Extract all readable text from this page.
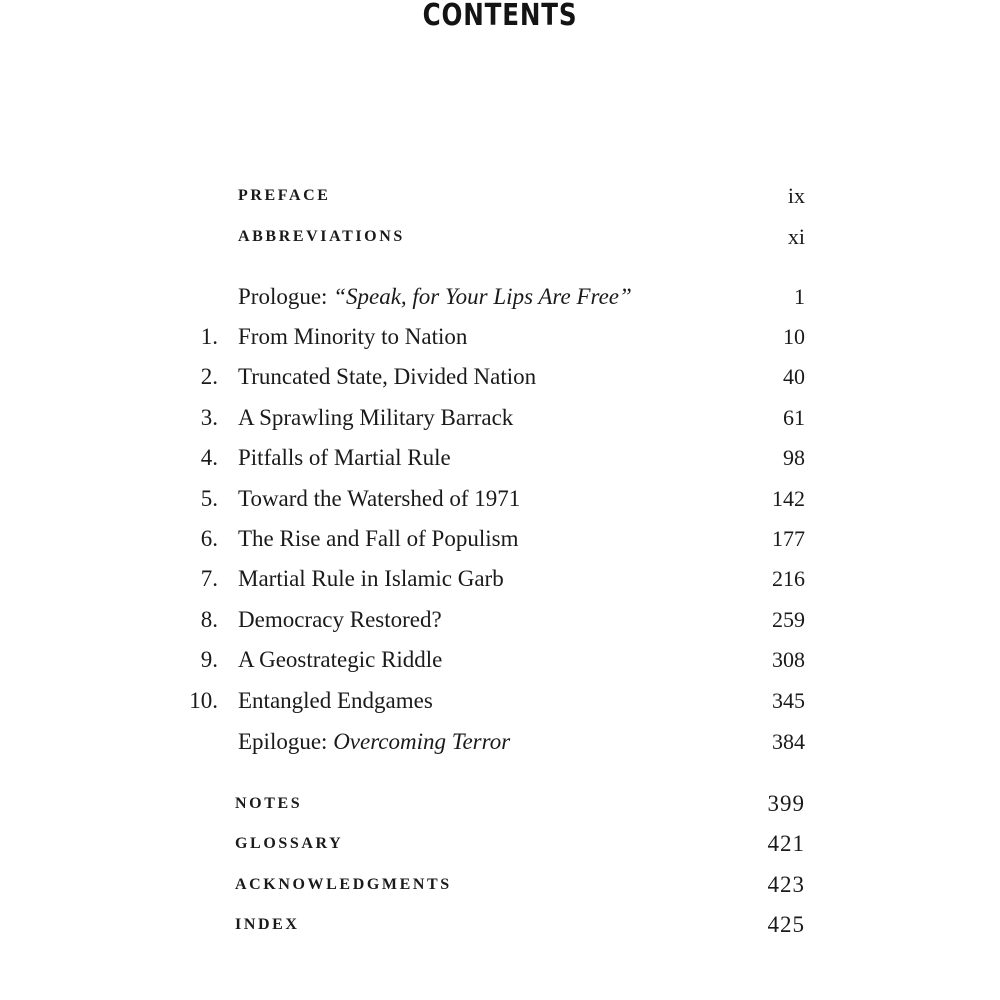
CONTENTS
PREFACE	ix
ABBREVIATIONS	xi
Prologue: “Speak, for Your Lips Are Free”	1
1. From Minority to Nation	10
2. Truncated State, Divided Nation	40
3. A Sprawling Military Barrack	61
4. Pitfalls of Martial Rule	98
5. Toward the Watershed of 1971	142
6. The Rise and Fall of Populism	177
7. Martial Rule in Islamic Garb	216
8. Democracy Restored?	259
9. A Geostrategic Riddle	308
10. Entangled Endgames	345
Epilogue: Overcoming Terror	384
NOTES	399
GLOSSARY	421
ACKNOWLEDGMENTS	423
INDEX	425
